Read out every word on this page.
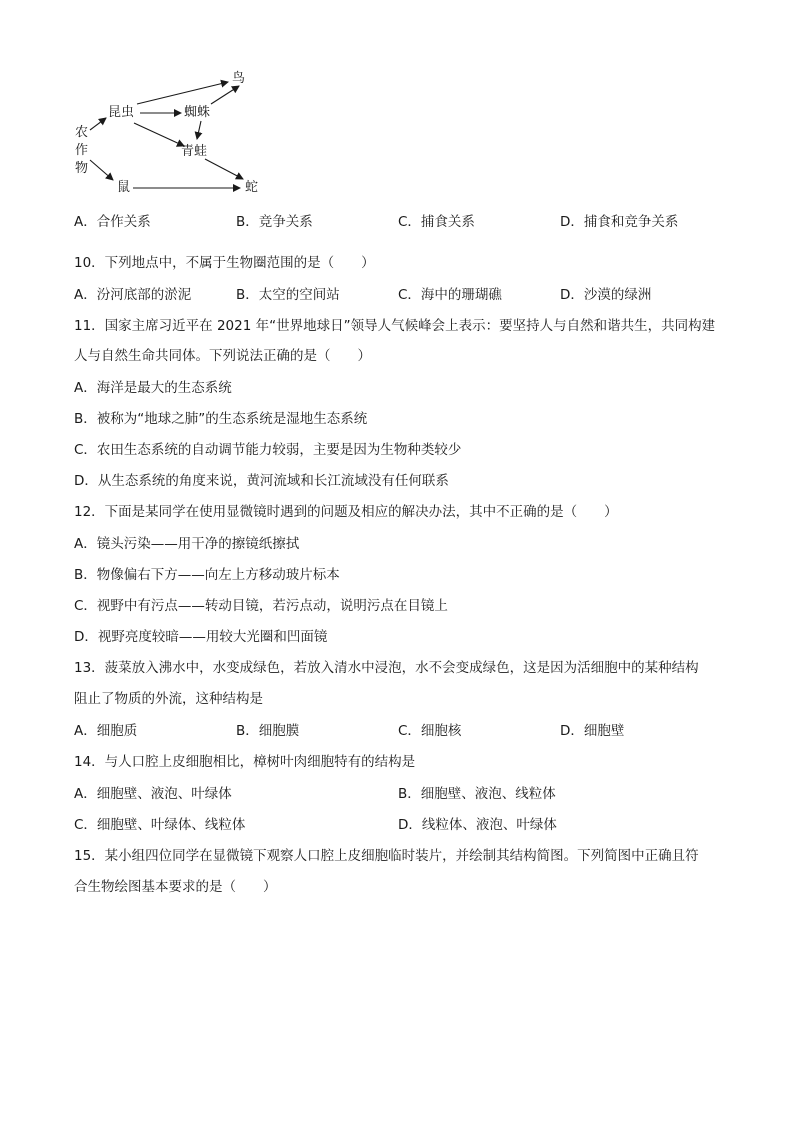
鸟
昆虫	蜘蛛
农
作
物
青蛙
鼠	蛇
A．合作关系	B．竞争关系	C．捕食关系	D．捕食和竞争关系
10．下列地点中，不属于生物圈范围的是（　　）
A．汾河底部的淤泥	B．太空的空间站	C．海中的珊瑚礁	D．沙漠的绿洲
11．国家主席习近平在 2021 年“世界地球日”领导人气候峰会上表示：要坚持人与自然和谐共生，共同构建
人与自然生命共同体。下列说法正确的是（　　）
A．海洋是最大的生态系统
B．被称为“地球之肺”的生态系统是湿地生态系统
C．农田生态系统的自动调节能力较弱，主要是因为生物种类较少
D．从生态系统的角度来说，黄河流域和长江流域没有任何联系
12．下面是某同学在使用显微镜时遇到的问题及相应的解决办法，其中不正确的是（　　）
A．镜头污染——用干净的擦镜纸擦拭
B．物像偏右下方——向左上方移动玻片标本
C．视野中有污点——转动目镜，若污点动，说明污点在目镜上
D．视野亮度较暗——用较大光圈和凹面镜
13．菠菜放入沸水中，水变成绿色，若放入清水中浸泡，水不会变成绿色，这是因为活细胞中的某种结构
阻止了物质的外流，这种结构是
A．细胞质	B．细胞膜	C．细胞核	D．细胞壁
14．与人口腔上皮细胞相比，樟树叶肉细胞特有的结构是
A．细胞壁、液泡、叶绿体	B．细胞壁、液泡、线粒体
C．细胞壁、叶绿体、线粒体	D．线粒体、液泡、叶绿体
15．某小组四位同学在显微镜下观察人口腔上皮细胞临时装片，并绘制其结构简图。下列简图中正确且符
合生物绘图基本要求的是（　　）
